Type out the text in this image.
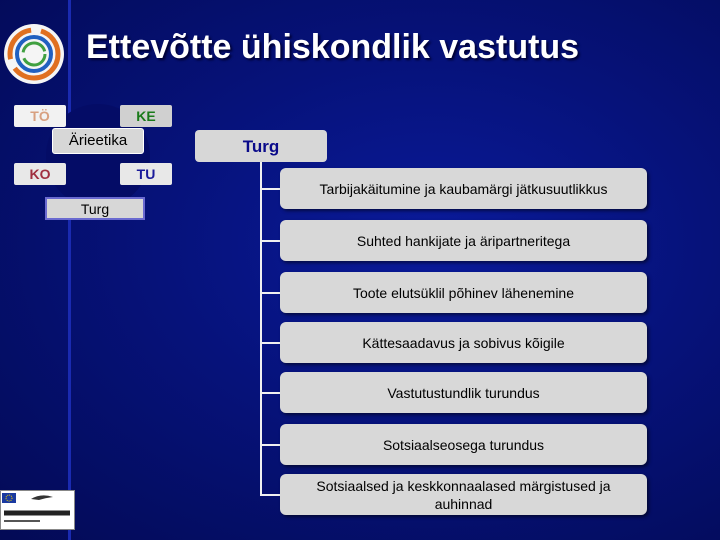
Ettevõtte ühiskondlik vastutus
TÖ	KE
KO	TU
Ärieetika
Turg
Turg
Tarbijakäitumine ja kaubamärgi jätkusuutlikkus
Suhted hankijate ja äripartneritega
Toote elutsüklil põhinev lähenemine
Kättesaadavus ja sobivus kõigile
Vastutustundlik turundus
Sotsiaalseosega turundus
Sotsiaalsed ja keskkonnaalased märgistused ja auhinnad
